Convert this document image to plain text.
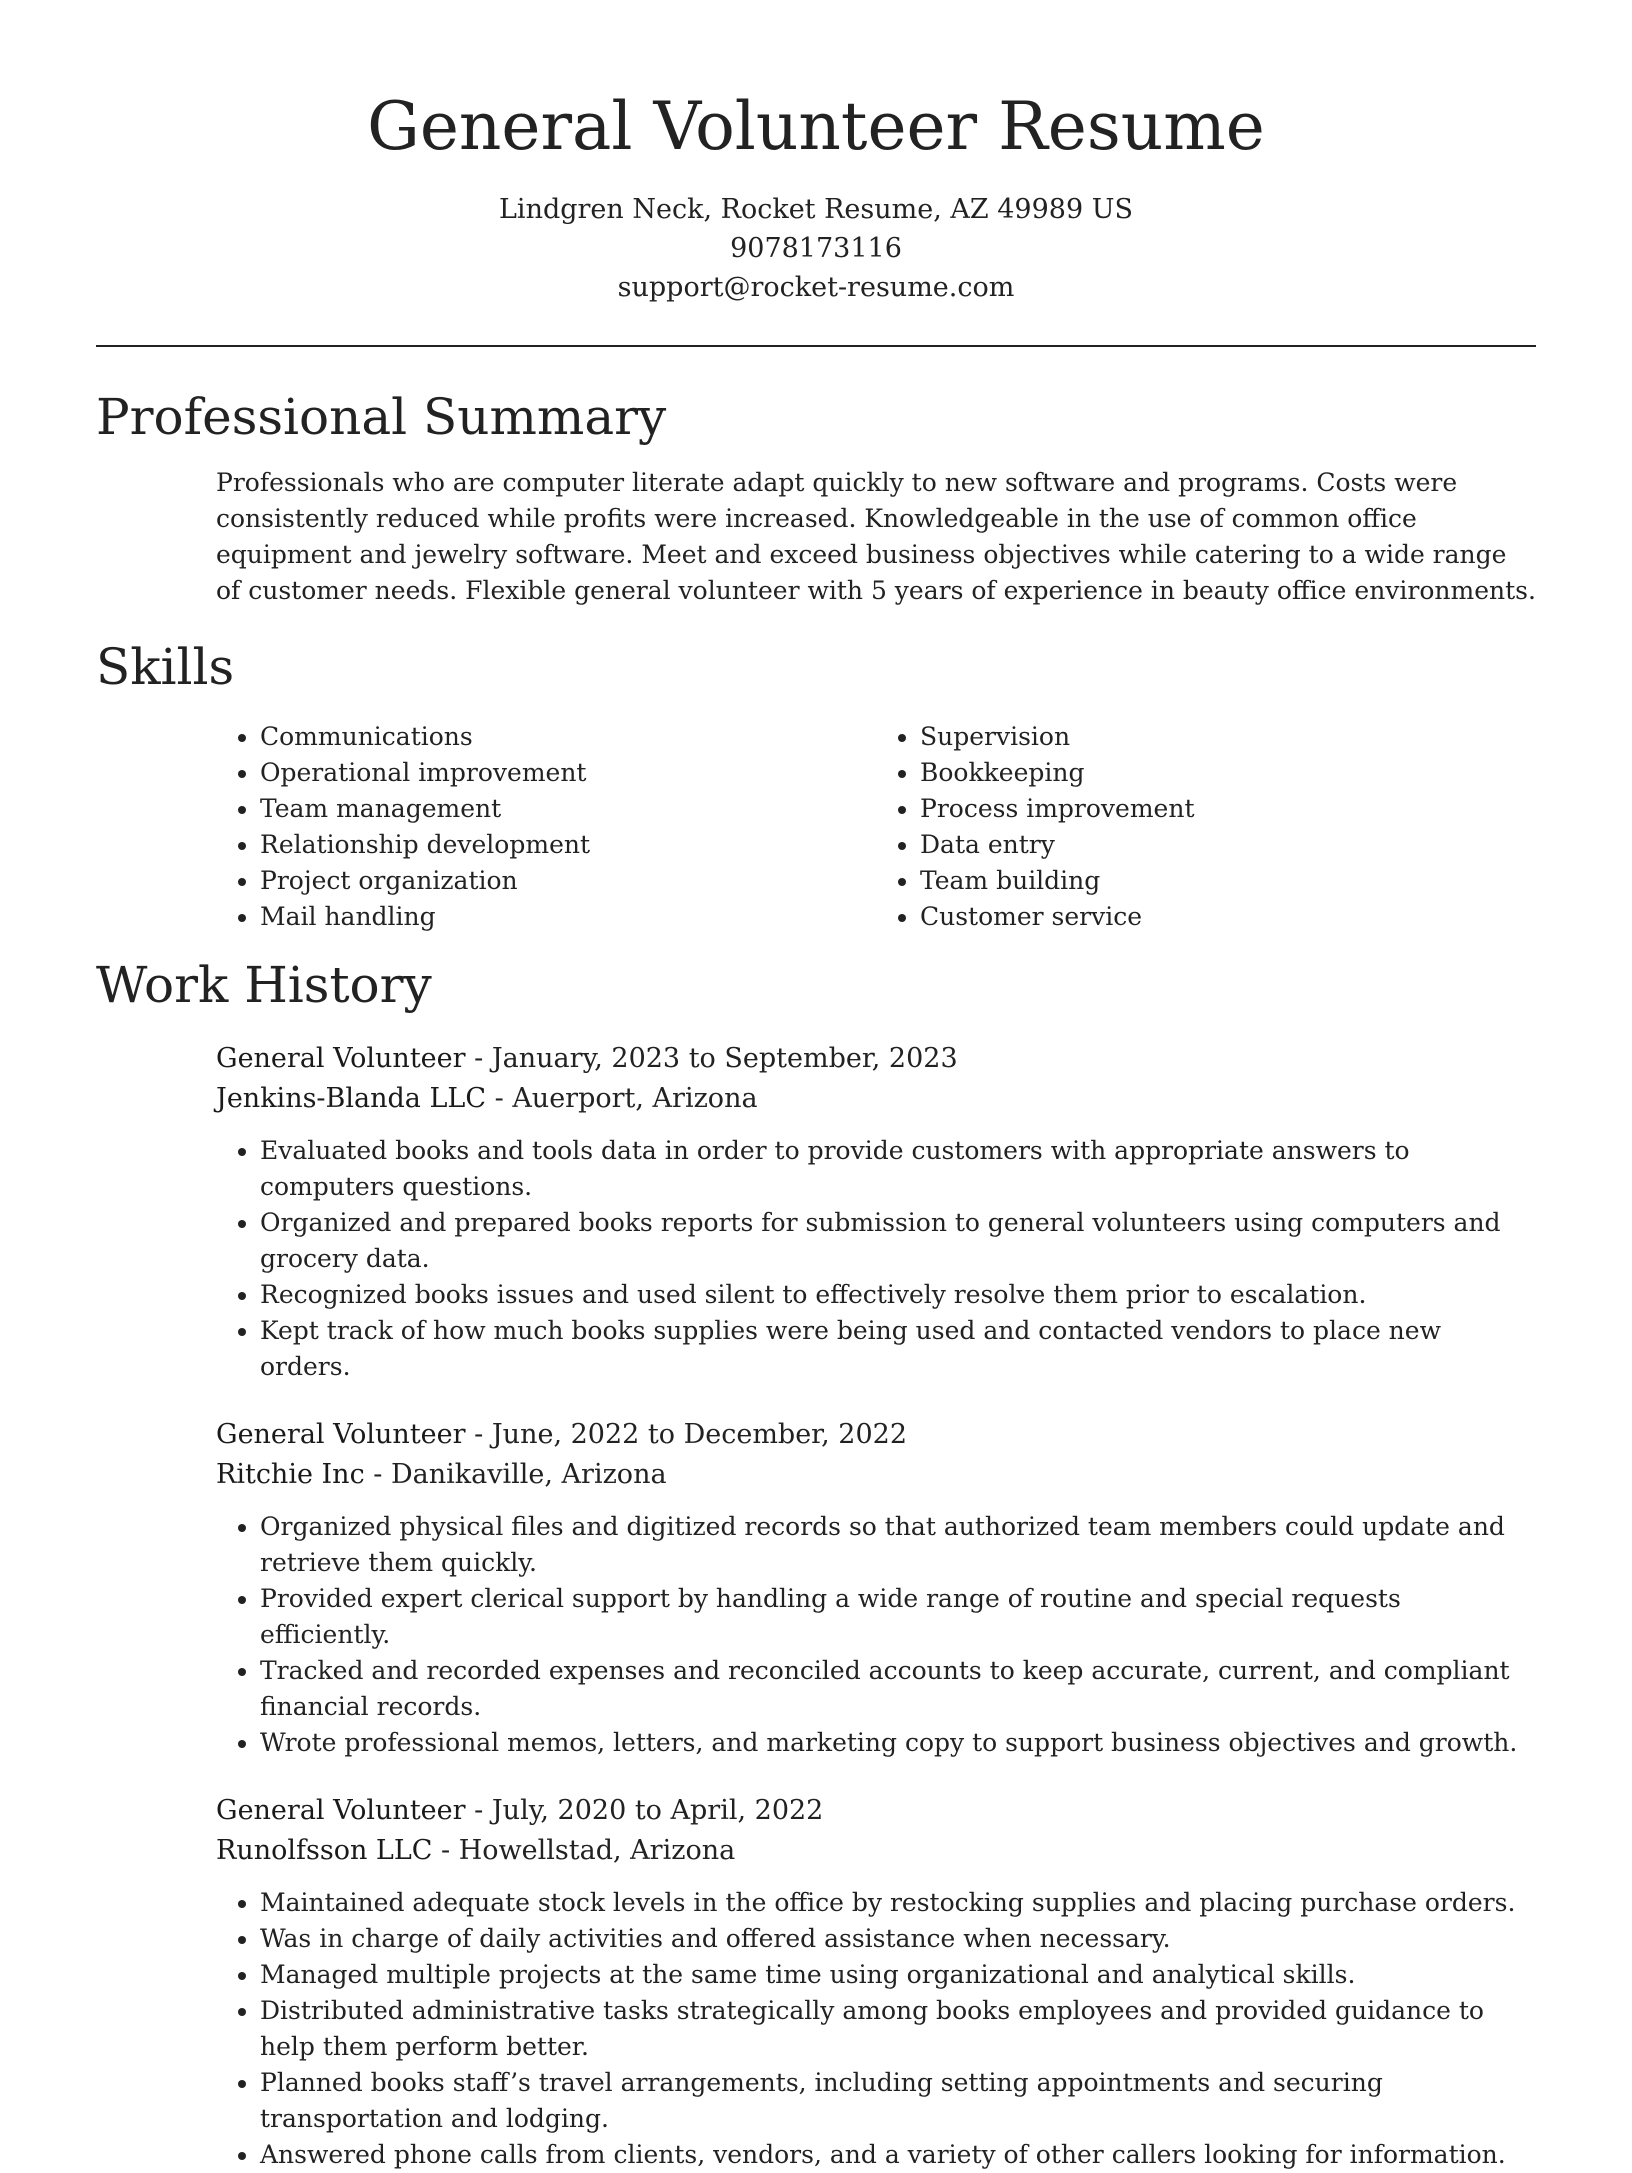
General Volunteer Resume

Lindgren Neck, Rocket Resume, AZ 49989 US

9078173116

support@rocket-resume.com

Professional Summary

Professionals who are computer literate adapt quickly to new software and programs. Costs were consistently reduced while profits were increased. Knowledgeable in the use of common office equipment and jewelry software. Meet and exceed business objectives while catering to a wide range of customer needs. Flexible general volunteer with 5 years of experience in beauty office environments.

Skills
• Communications
• Operational improvement
• Team management
• Relationship development
• Project organization
• Mail handling
• Supervision
• Bookkeeping
• Process improvement
• Data entry
• Team building
• Customer service
Work History

General Volunteer - January, 2023 to September, 2023

Jenkins-Blanda LLC - Auerport, Arizona

• Evaluated books and tools data in order to provide customers with appropriate answers to computers questions.
• Organized and prepared books reports for submission to general volunteers using computers and grocery data.
• Recognized books issues and used silent to effectively resolve them prior to escalation.
• Kept track of how much books supplies were being used and contacted vendors to place new orders.

General Volunteer - June, 2022 to December, 2022

Ritchie Inc - Danikaville, Arizona

• Organized physical files and digitized records so that authorized team members could update and retrieve them quickly.
• Provided expert clerical support by handling a wide range of routine and special requests efficiently.
• Tracked and recorded expenses and reconciled accounts to keep accurate, current, and compliant financial records.
• Wrote professional memos, letters, and marketing copy to support business objectives and growth.

General Volunteer - July, 2020 to April, 2022

Runolfsson LLC - Howellstad, Arizona

• Maintained adequate stock levels in the office by restocking supplies and placing purchase orders.
• Was in charge of daily activities and offered assistance when necessary.
• Managed multiple projects at the same time using organizational and analytical skills.
• Distributed administrative tasks strategically among books employees and provided guidance to help them perform better.
• Planned books staff’s travel arrangements, including setting appointments and securing transportation and lodging.
• Answered phone calls from clients, vendors, and a variety of other callers looking for information.
